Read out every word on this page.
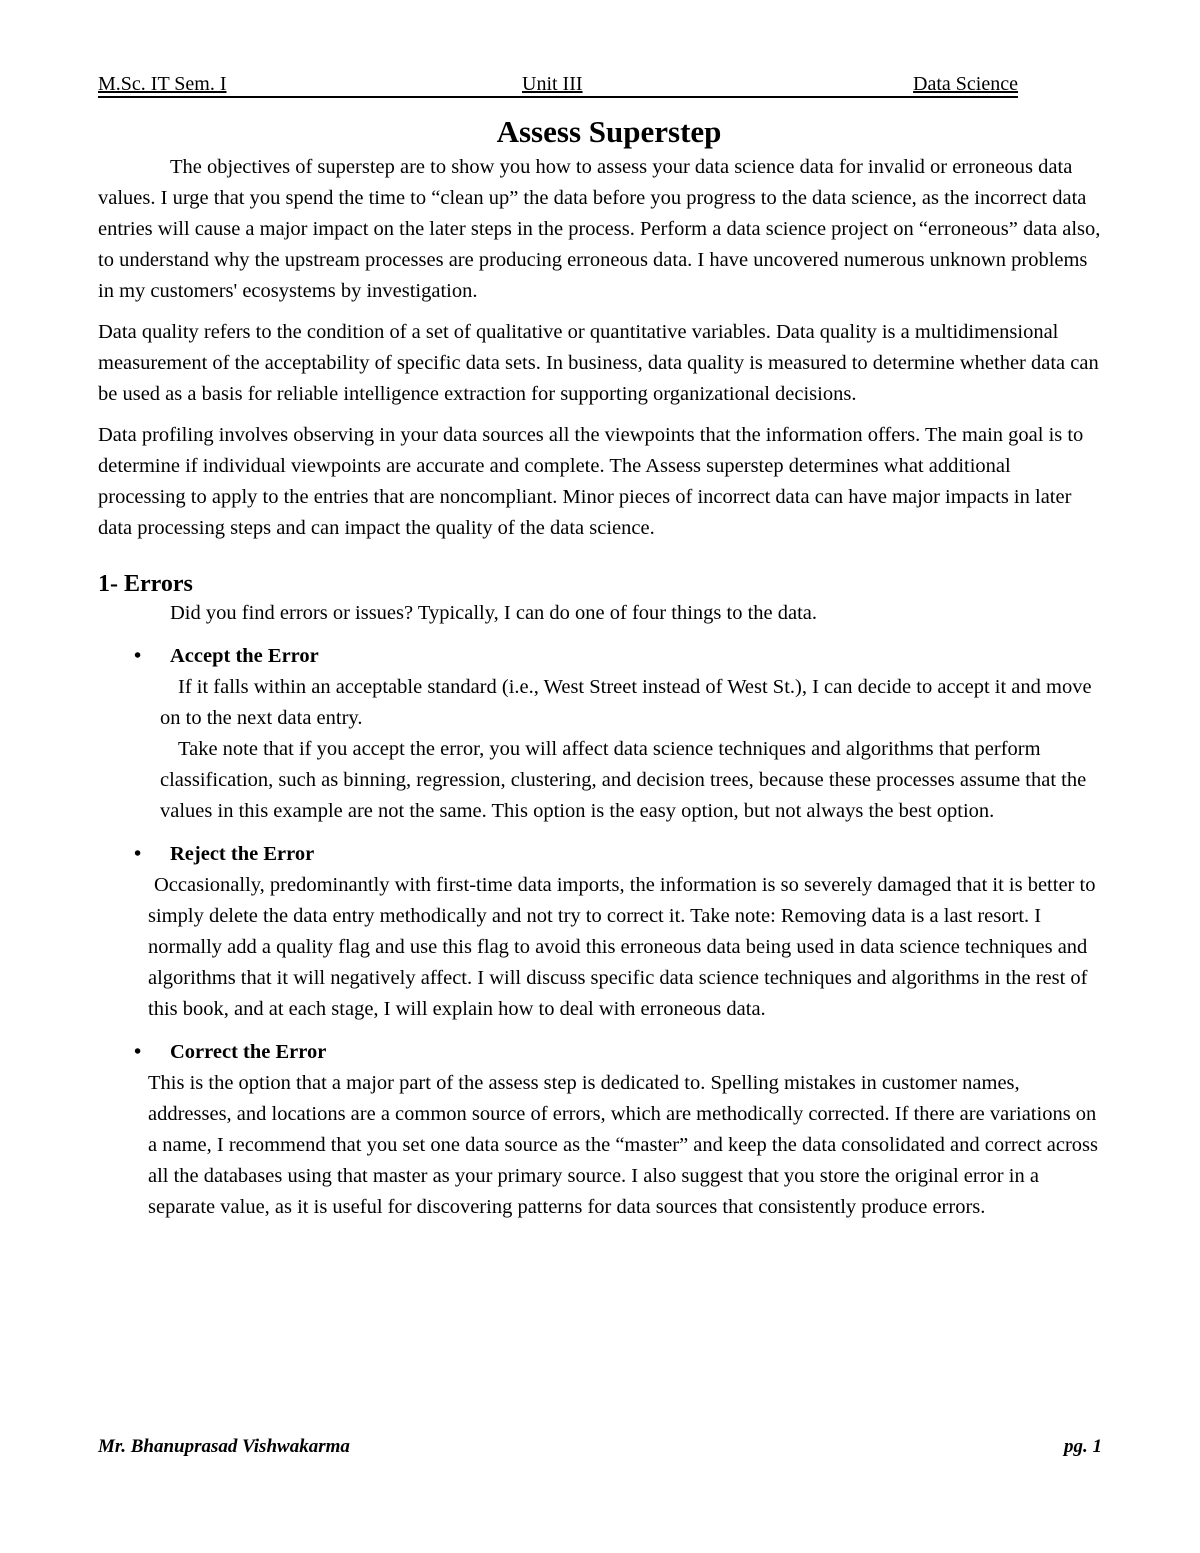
M.Sc. IT Sem. I	Unit III	Data Science
Assess Superstep

The objectives of superstep are to show you how to assess your data science data for invalid or erroneous data values. I urge that you spend the time to “clean up” the data before you progress to the data science, as the incorrect data entries will cause a major impact on the later steps in the process. Perform a data science project on “erroneous” data also, to understand why the upstream processes are producing erroneous data. I have uncovered numerous unknown problems in my customers' ecosystems by investigation.

Data quality refers to the condition of a set of qualitative or quantitative variables. Data quality is a multidimensional measurement of the acceptability of specific data sets. In business, data quality is measured to determine whether data can be used as a basis for reliable intelligence extraction for supporting organizational decisions.

Data profiling involves observing in your data sources all the viewpoints that the information offers. The main goal is to determine if individual viewpoints are accurate and complete. The Assess superstep determines what additional processing to apply to the entries that are noncompliant. Minor pieces of incorrect data can have major impacts in later data processing steps and can impact the quality of the data science.

1- Errors

Did you find errors or issues? Typically, I can do one of four things to the data.

• Accept the Error

If it falls within an acceptable standard (i.e., West Street instead of West St.), I can decide to accept it and move on to the next data entry.

Take note that if you accept the error, you will affect data science techniques and algorithms that perform classification, such as binning, regression, clustering, and decision trees, because these processes assume that the values in this example are not the same. This option is the easy option, but not always the best option.

• Reject the Error

Occasionally, predominantly with first-time data imports, the information is so severely damaged that it is better to simply delete the data entry methodically and not try to correct it. Take note: Removing data is a last resort. I normally add a quality flag and use this flag to avoid this erroneous data being used in data science techniques and algorithms that it will negatively affect. I will discuss specific data science techniques and algorithms in the rest of this book, and at each stage, I will explain how to deal with erroneous data.

• Correct the Error

This is the option that a major part of the assess step is dedicated to. Spelling mistakes in customer names, addresses, and locations are a common source of errors, which are methodically corrected. If there are variations on a name, I recommend that you set one data source as the “master” and keep the data consolidated and correct across all the databases using that master as your primary source. I also suggest that you store the original error in a separate value, as it is useful for discovering patterns for data sources that consistently produce errors.

Mr. Bhanuprasad Vishwakarma	pg. 1
